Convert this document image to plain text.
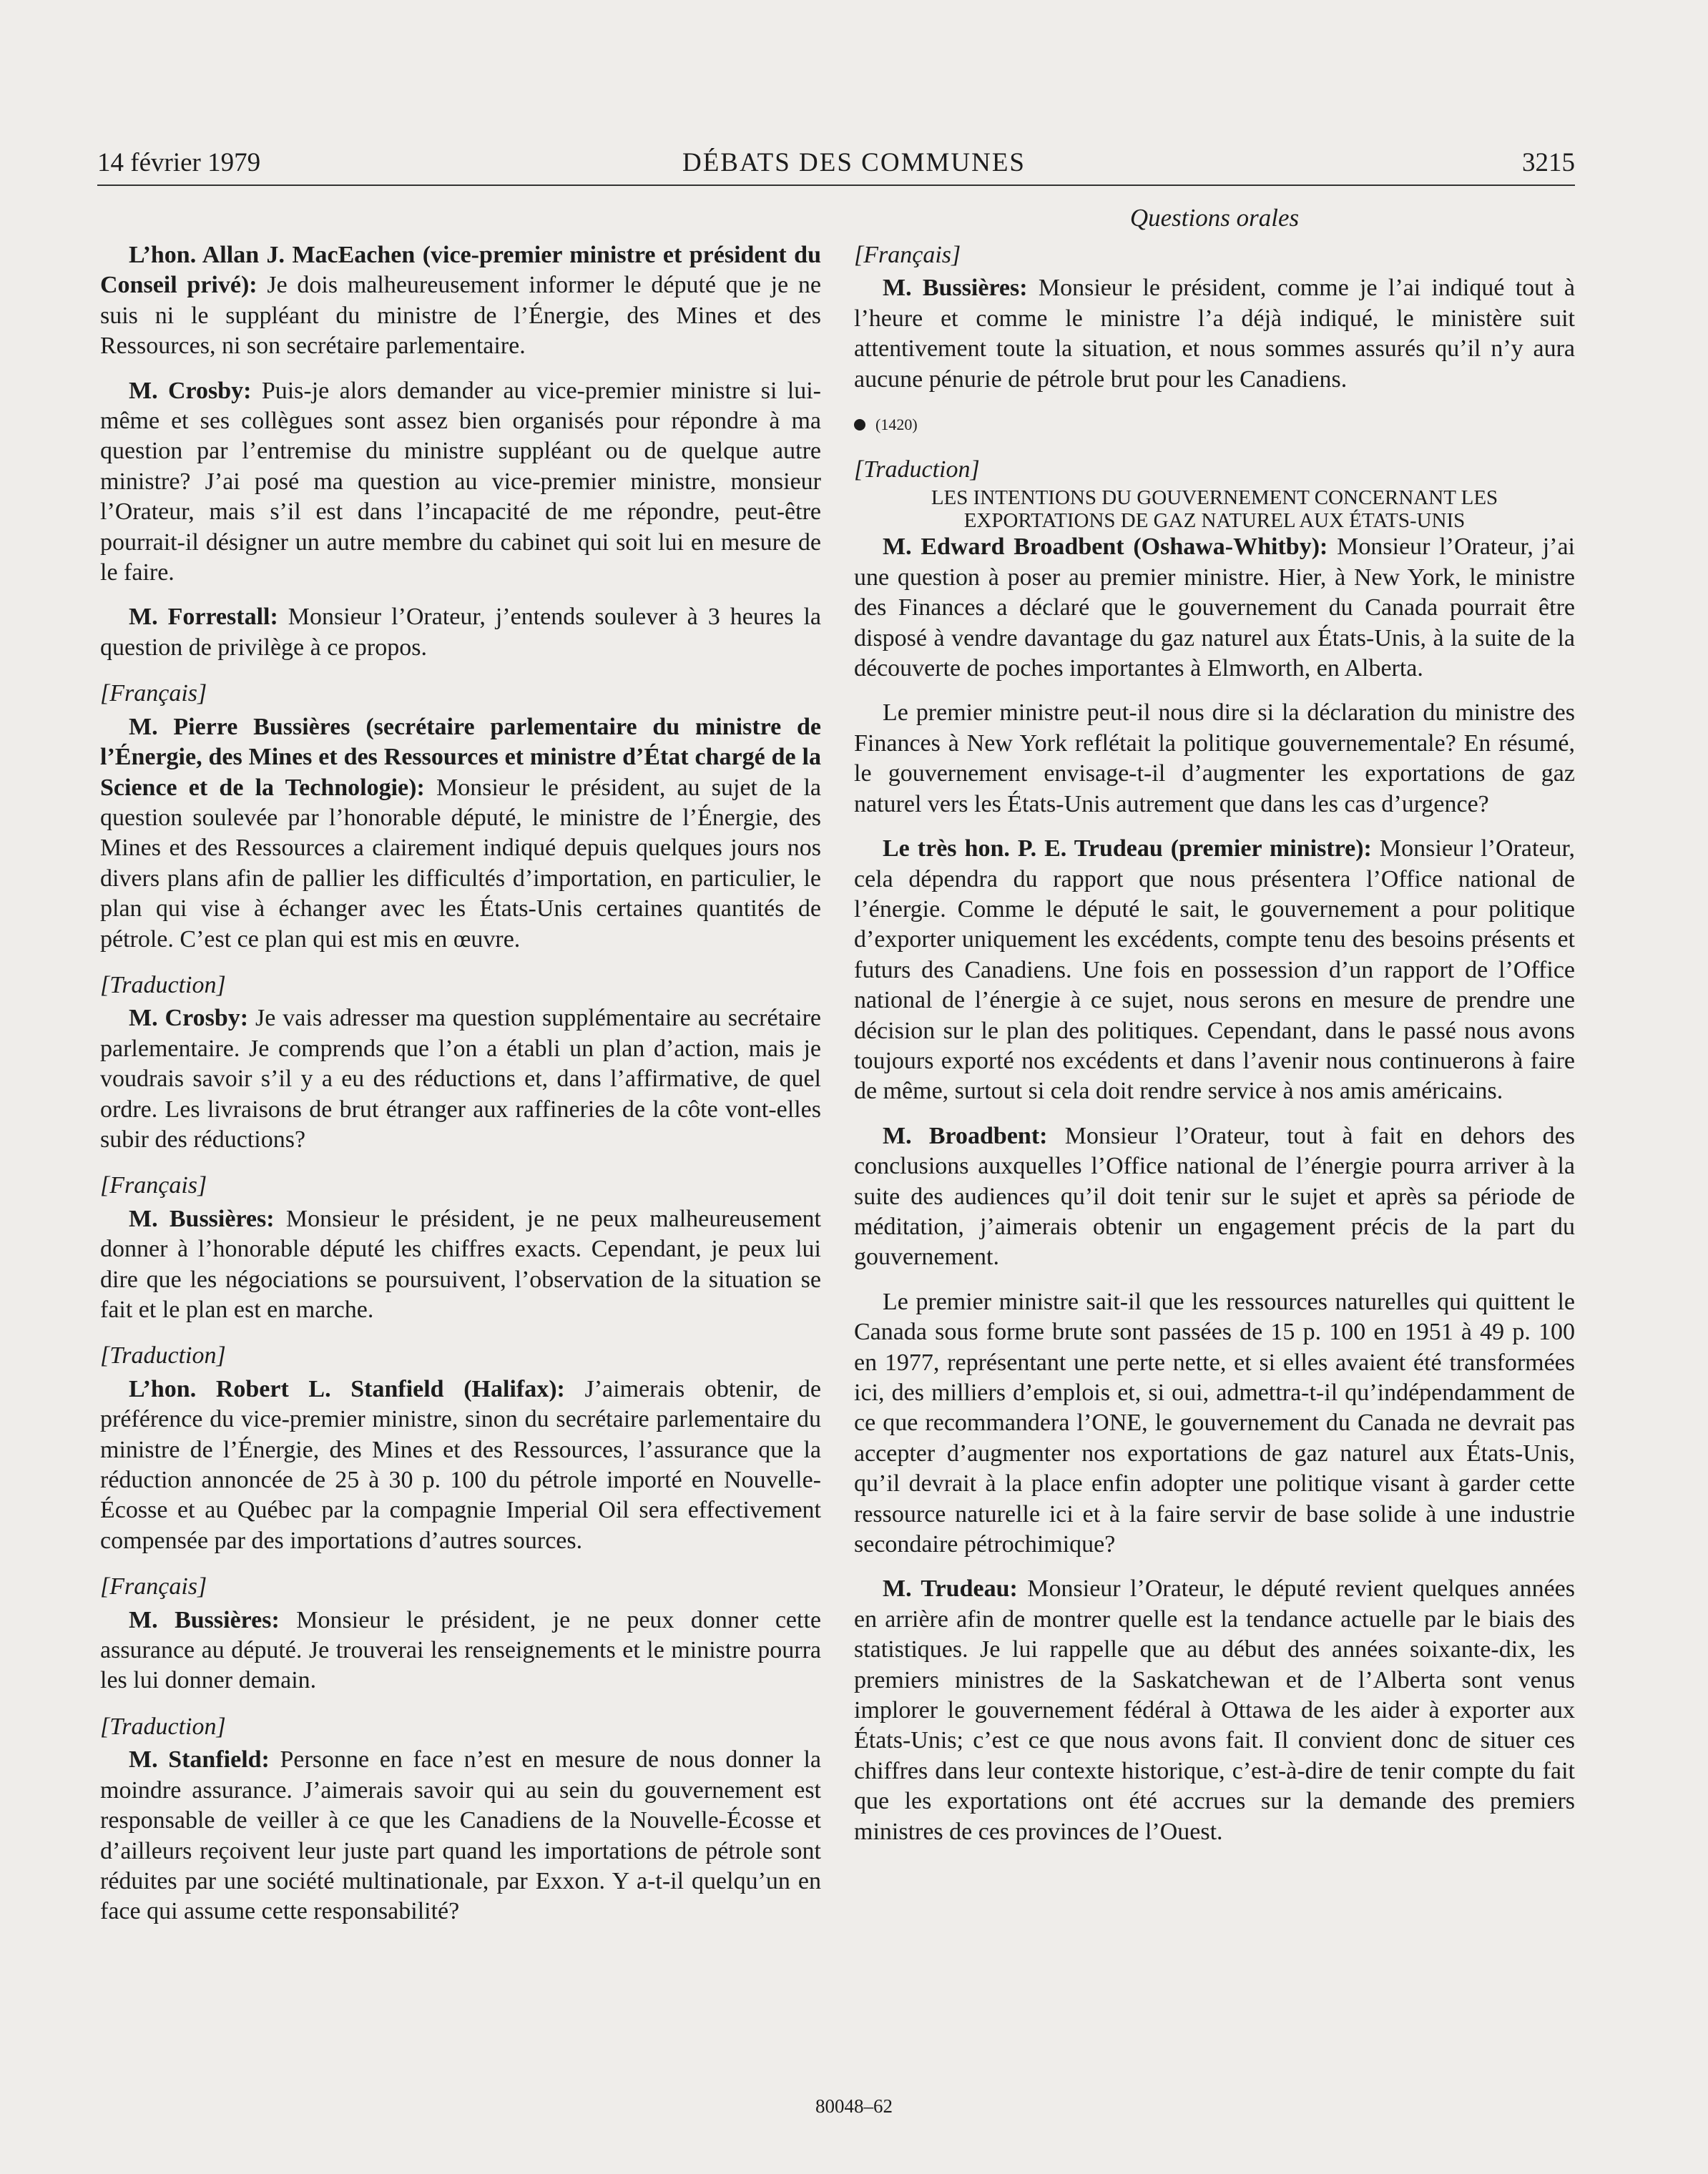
14 février 1979	DÉBATS DES COMMUNES	3215
Questions orales

L’hon. Allan J. MacEachen (vice-premier ministre et président du Conseil privé): Je dois malheureusement informer le député que je ne suis ni le suppléant du ministre de l’Énergie, des Mines et des Ressources, ni son secrétaire parlementaire.

M. Crosby: Puis-je alors demander au vice-premier ministre si lui-même et ses collègues sont assez bien organisés pour répondre à ma question par l’entremise du ministre suppléant ou de quelque autre ministre? J’ai posé ma question au vice-premier ministre, monsieur l’Orateur, mais s’il est dans l’incapacité de me répondre, peut-être pourrait-il désigner un autre membre du cabinet qui soit lui en mesure de le faire.

M. Forrestall: Monsieur l’Orateur, j’entends soulever à 3 heures la question de privilège à ce propos.

[Français]

M. Pierre Bussières (secrétaire parlementaire du ministre de l’Énergie, des Mines et des Ressources et ministre d’État chargé de la Science et de la Technologie): Monsieur le président, au sujet de la question soulevée par l’honorable député, le ministre de l’Énergie, des Mines et des Ressources a clairement indiqué depuis quelques jours nos divers plans afin de pallier les difficultés d’importation, en particulier, le plan qui vise à échanger avec les États-Unis certaines quantités de pétrole. C’est ce plan qui est mis en œuvre.

[Traduction]

M. Crosby: Je vais adresser ma question supplémentaire au secrétaire parlementaire. Je comprends que l’on a établi un plan d’action, mais je voudrais savoir s’il y a eu des réductions et, dans l’affirmative, de quel ordre. Les livraisons de brut étranger aux raffineries de la côte vont-elles subir des réductions?

[Français]

M. Bussières: Monsieur le président, je ne peux malheureusement donner à l’honorable député les chiffres exacts. Cependant, je peux lui dire que les négociations se poursuivent, l’observation de la situation se fait et le plan est en marche.

[Traduction]

L’hon. Robert L. Stanfield (Halifax): J’aimerais obtenir, de préférence du vice-premier ministre, sinon du secrétaire parlementaire du ministre de l’Énergie, des Mines et des Ressources, l’assurance que la réduction annoncée de 25 à 30 p. 100 du pétrole importé en Nouvelle-Écosse et au Québec par la compagnie Imperial Oil sera effectivement compensée par des importations d’autres sources.

[Français]

M. Bussières: Monsieur le président, je ne peux donner cette assurance au député. Je trouverai les renseignements et le ministre pourra les lui donner demain.

[Traduction]

M. Stanfield: Personne en face n’est en mesure de nous donner la moindre assurance. J’aimerais savoir qui au sein du gouvernement est responsable de veiller à ce que les Canadiens de la Nouvelle-Écosse et d’ailleurs reçoivent leur juste part quand les importations de pétrole sont réduites par une société multinationale, par Exxon. Y a-t-il quelqu’un en face qui assume cette responsabilité?

[Français]

M. Bussières: Monsieur le président, comme je l’ai indiqué tout à l’heure et comme le ministre l’a déjà indiqué, le ministère suit attentivement toute la situation, et nous sommes assurés qu’il n’y aura aucune pénurie de pétrole brut pour les Canadiens.

(1420)

[Traduction]

LES INTENTIONS DU GOUVERNEMENT CONCERNANT LES EXPORTATIONS DE GAZ NATUREL AUX ÉTATS-UNIS

M. Edward Broadbent (Oshawa-Whitby): Monsieur l’Orateur, j’ai une question à poser au premier ministre. Hier, à New York, le ministre des Finances a déclaré que le gouvernement du Canada pourrait être disposé à vendre davantage du gaz naturel aux États-Unis, à la suite de la découverte de poches importantes à Elmworth, en Alberta.

Le premier ministre peut-il nous dire si la déclaration du ministre des Finances à New York reflétait la politique gouvernementale? En résumé, le gouvernement envisage-t-il d’augmenter les exportations de gaz naturel vers les États-Unis autrement que dans les cas d’urgence?

Le très hon. P. E. Trudeau (premier ministre): Monsieur l’Orateur, cela dépendra du rapport que nous présentera l’Office national de l’énergie. Comme le député le sait, le gouvernement a pour politique d’exporter uniquement les excédents, compte tenu des besoins présents et futurs des Canadiens. Une fois en possession d’un rapport de l’Office national de l’énergie à ce sujet, nous serons en mesure de prendre une décision sur le plan des politiques. Cependant, dans le passé nous avons toujours exporté nos excédents et dans l’avenir nous continuerons à faire de même, surtout si cela doit rendre service à nos amis américains.

M. Broadbent: Monsieur l’Orateur, tout à fait en dehors des conclusions auxquelles l’Office national de l’énergie pourra arriver à la suite des audiences qu’il doit tenir sur le sujet et après sa période de méditation, j’aimerais obtenir un engagement précis de la part du gouvernement.

Le premier ministre sait-il que les ressources naturelles qui quittent le Canada sous forme brute sont passées de 15 p. 100 en 1951 à 49 p. 100 en 1977, représentant une perte nette, et si elles avaient été transformées ici, des milliers d’emplois et, si oui, admettra-t-il qu’indépendamment de ce que recommandera l’ONE, le gouvernement du Canada ne devrait pas accepter d’augmenter nos exportations de gaz naturel aux États-Unis, qu’il devrait à la place enfin adopter une politique visant à garder cette ressource naturelle ici et à la faire servir de base solide à une industrie secondaire pétrochimique?

M. Trudeau: Monsieur l’Orateur, le député revient quelques années en arrière afin de montrer quelle est la tendance actuelle par le biais des statistiques. Je lui rappelle que au début des années soixante-dix, les premiers ministres de la Saskatchewan et de l’Alberta sont venus implorer le gouvernement fédéral à Ottawa de les aider à exporter aux États-Unis; c’est ce que nous avons fait. Il convient donc de situer ces chiffres dans leur contexte historique, c’est-à-dire de tenir compte du fait que les exportations ont été accrues sur la demande des premiers ministres de ces provinces de l’Ouest.

80048–62
